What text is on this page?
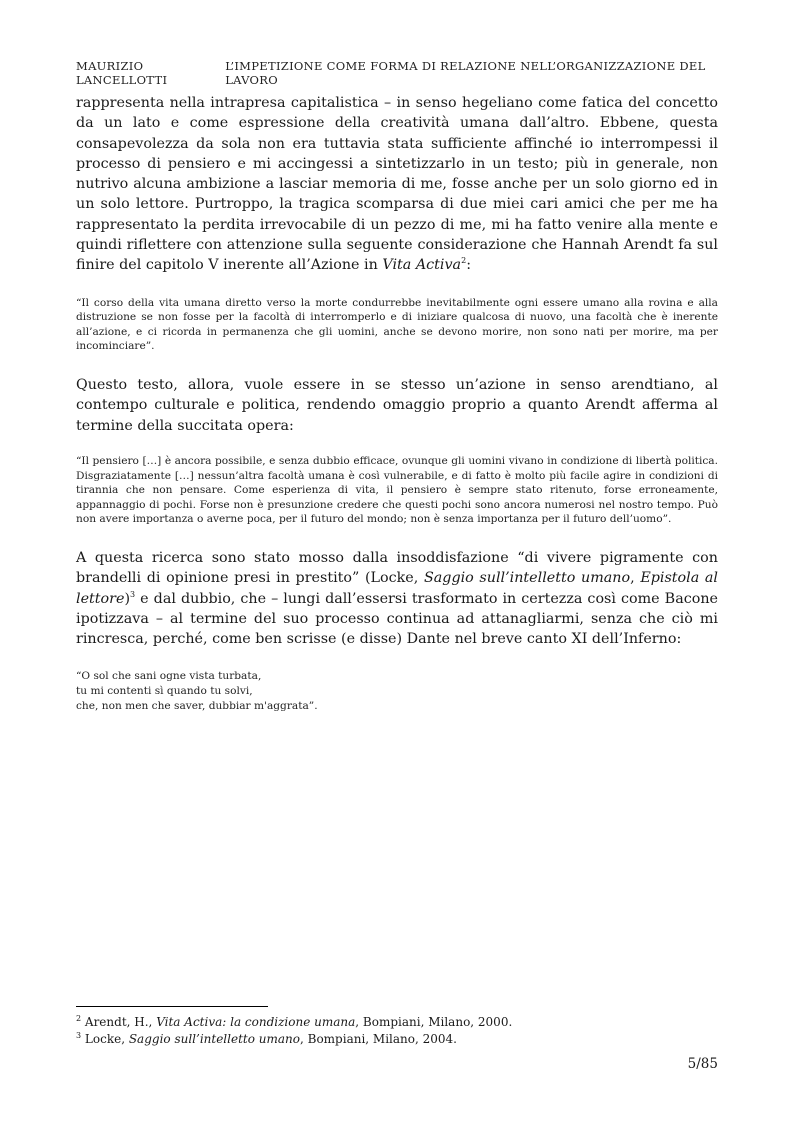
MAURIZIO LANCELLOTTI
L’IMPETIZIONE COME FORMA DI RELAZIONE NELL’ORGANIZZAZIONE DEL LAVORO

rappresenta nella intrapresa capitalistica – in senso hegeliano come fatica del concetto da un lato e come espressione della creatività umana dall’altro. Ebbene, questa consapevolezza da sola non era tuttavia stata sufficiente affinché io interrompessi il processo di pensiero e mi accingessi a sintetizzarlo in un testo; più in generale, non nutrivo alcuna ambizione a lasciar memoria di me, fosse anche per un solo giorno ed in un solo lettore. Purtroppo, la tragica scomparsa di due miei cari amici che per me ha rappresentato la perdita irrevocabile di un pezzo di me, mi ha fatto venire alla mente e quindi riflettere con attenzione sulla seguente considerazione che Hannah Arendt fa sul finire del capitolo V inerente all’Azione in Vita Activa$^2$:

“Il corso della vita umana diretto verso la morte condurrebbe inevitabilmente ogni essere umano alla rovina e alla distruzione se non fosse per la facoltà di interromperlo e di iniziare qualcosa di nuovo, una facoltà che è inerente all’azione, e ci ricorda in permanenza che gli uomini, anche se devono morire, non sono nati per morire, ma per incominciare”.

Questo testo, allora, vuole essere in se stesso un’azione in senso arendtiano, al contempo culturale e politica, rendendo omaggio proprio a quanto Arendt afferma al termine della succitata opera:

“Il pensiero […] è ancora possibile, e senza dubbio efficace, ovunque gli uomini vivano in condizione di libertà politica. Disgraziatamente […] nessun’altra facoltà umana è così vulnerabile, e di fatto è molto più facile agire in condizioni di tirannia che non pensare. Come esperienza di vita, il pensiero è sempre stato ritenuto, forse erroneamente, appannaggio di pochi. Forse non è presunzione credere che questi pochi sono ancora numerosi nel nostro tempo. Può non avere importanza o averne poca, per il futuro del mondo; non è senza importanza per il futuro dell’uomo”.

A questa ricerca sono stato mosso dalla insoddisfazione “di vivere pigramente con brandelli di opinione presi in prestito” (Locke, Saggio sull’intelletto umano, Epistola al lettore)$^3$ e dal dubbio, che – lungi dall’essersi trasformato in certezza così come Bacone ipotizzava – al termine del suo processo continua ad attanagliarmi, senza che ciò mi rincresca, perché, come ben scrisse (e disse) Dante nel breve canto XI dell’Inferno:

“O sol che sani ogne vista turbata,
tu mi contenti sì quando tu solvi,
che, non men che saver, dubbiar m'aggrata”.
$^2$ Arendt, H., Vita Activa: la condizione umana, Bompiani, Milano, 2000.
$^3$ Locke, Saggio sull’intelletto umano, Bompiani, Milano, 2004.
5/85
